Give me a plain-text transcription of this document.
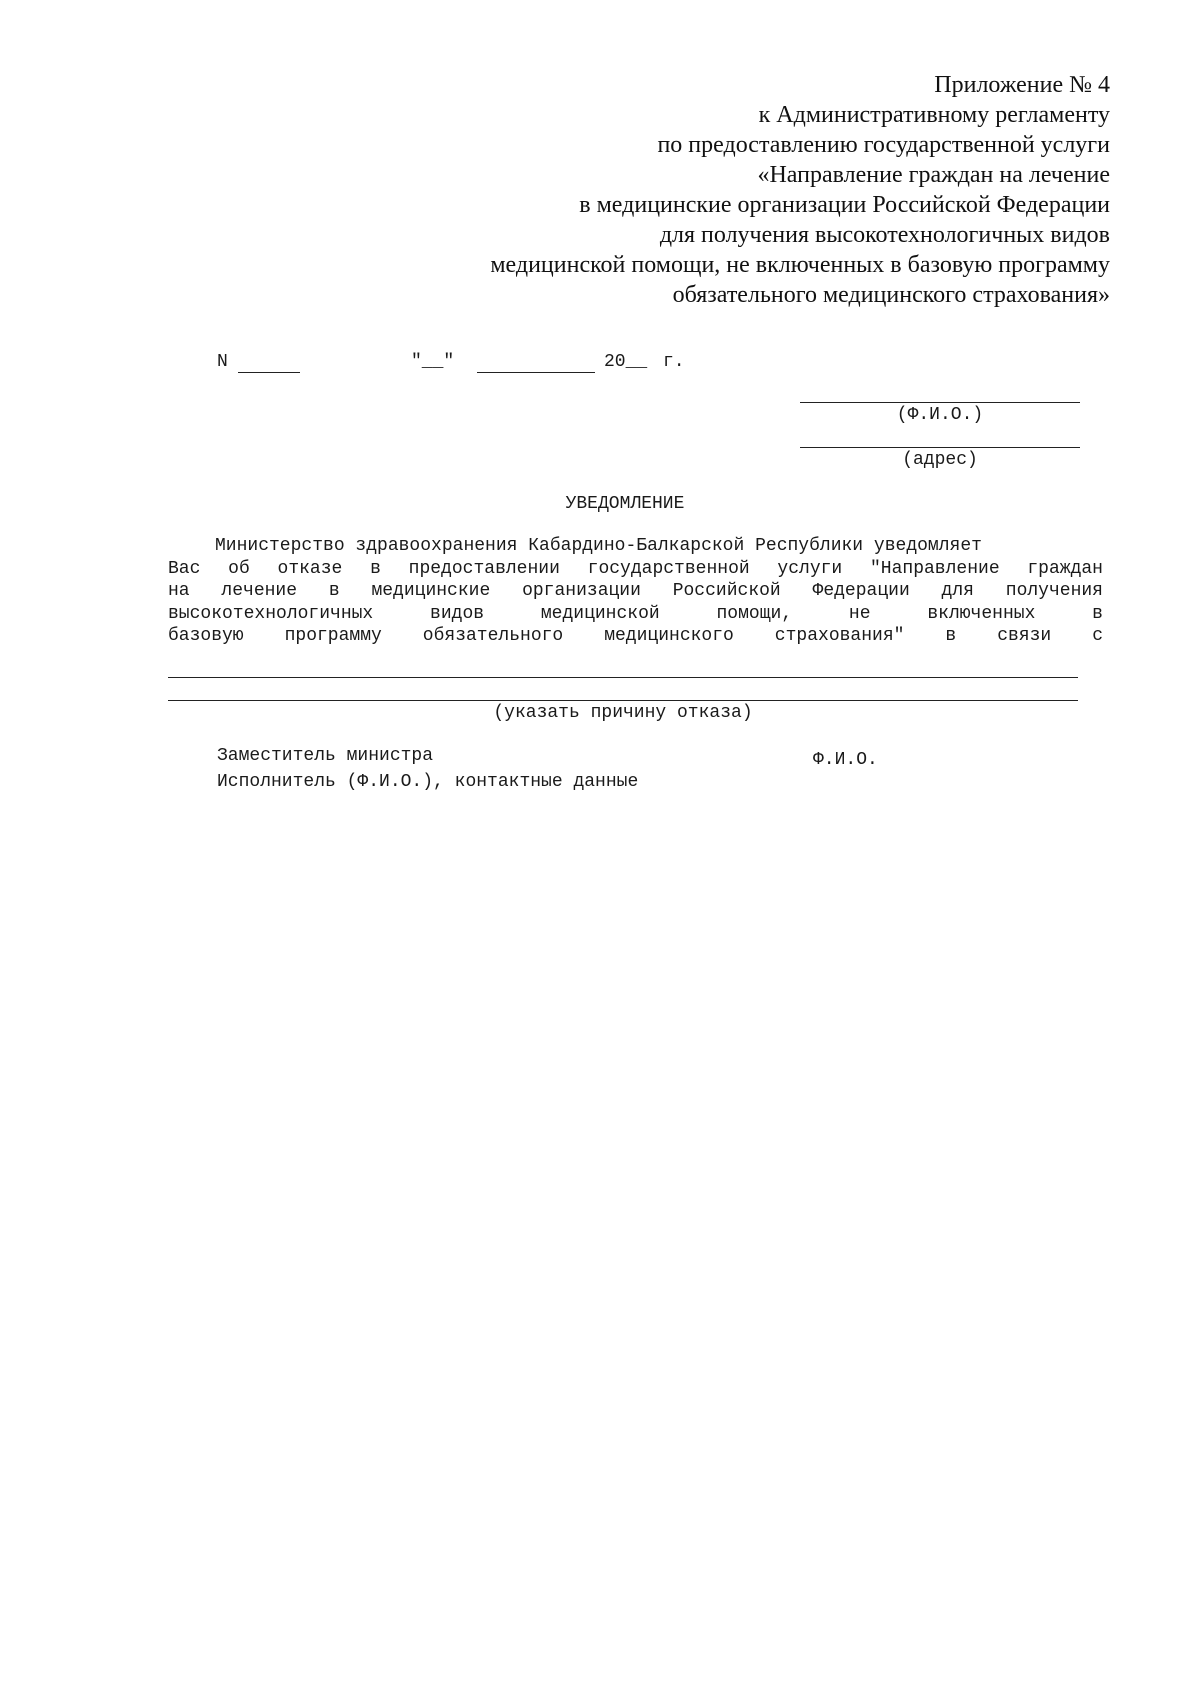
Приложение № 4
к Административному регламенту
по предоставлению государственной услуги
«Направление граждан на лечение
в медицинские организации Российской Федерации
для получения высокотехнологичных видов
медицинской помощи, не включенных в базовую программу
обязательного медицинского страхования»
N	"__"	20__ г.
(Ф.И.О.)
(адрес)
УВЕДОМЛЕНИЕ
Министерство здравоохранения Кабардино-Балкарской Республики уведомляет
Вас об отказе в предоставлении государственной услуги "Направление граждан
на лечение в медицинские организации Российской Федерации для получения
высокотехнологичных видов медицинской помощи, не включенных в
базовую программу обязательного медицинского страхования" в связи с
(указать причину отказа)
Заместитель министра	Ф.И.О.
Исполнитель (Ф.И.О.), контактные данные
